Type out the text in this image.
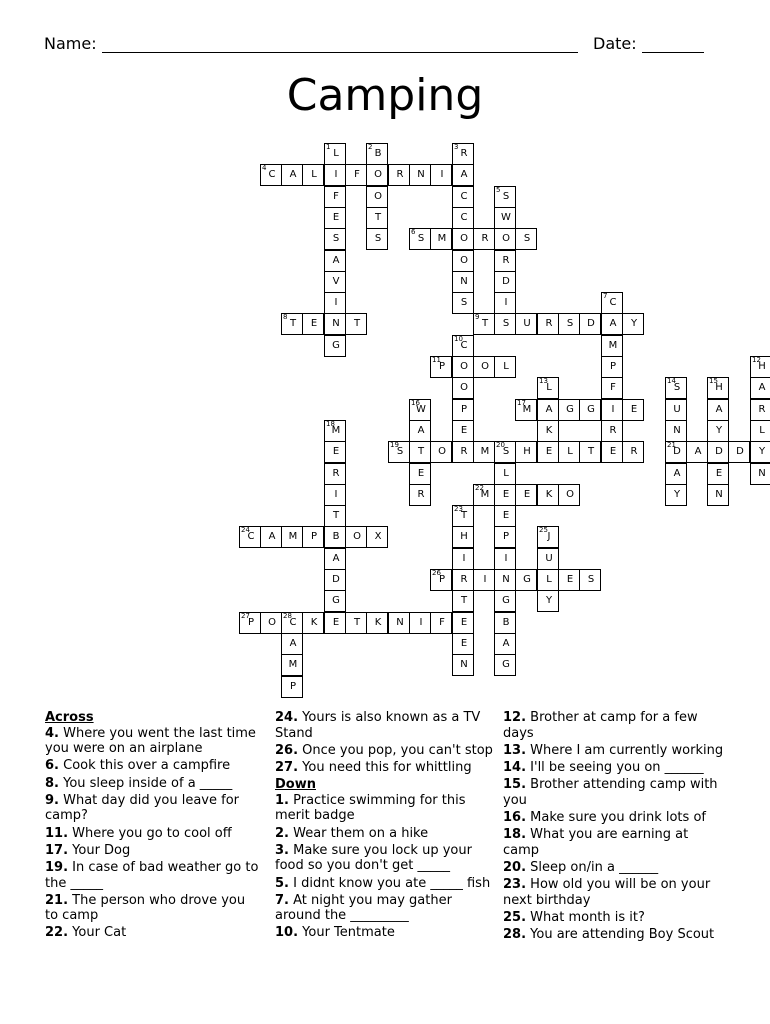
Name:	Date:
Camping
1
L
I
F
E
S
A
V
I
N
G
2
B
O
O
T
S
3
R
A
C
C
O
O
N
S
4
C	A	L	F	R	N	I
5
S
W
O
R
D
I
S
6
S	M	R	S
7
C
A
M
P
F
I
R
E
8
T	E	T
9
T	U	R	S	D	Y
10
C
O
O
P
E
R
11
P	O	L
12
H
A
R
L
Y
N
13
L
A
K
E
14
S
U
N
21
D
A
Y
15
H
A
Y
D
E
N
16
W
A
T
E
R
17
M	G	G	E
18
M
E
R
I
T
B
A
D
G
19
S	O	M
20
S	H	L	T	R
L
E
E
P
I
N
G
B
A
G
A	D
22
M	E	K	O
23
T
H
I
R
T
E
E
N
24
C	A	M	P	O	X
25
J
U
L
Y
26
P	I	G	E	S
27
P	O
28
C	K	E	T	K	N	I	F
A
M
P
Across
4. Where you went the last time you were on an airplane
6. Cook this over a campfire
8. You sleep inside of a _____
9. What day did you leave for camp?
11. Where you go to cool off
17. Your Dog
19. In case of bad weather go to the _____
21. The person who drove you to camp
22. Your Cat
24. Yours is also known as a TV Stand
26. Once you pop, you can't stop
27. You need this for whittling
Down
1. Practice swimming for this merit badge
2. Wear them on a hike
3. Make sure you lock up your food so you don't get _____
5. I didnt know you ate _____ fish
7. At night you may gather around the _________
10. Your Tentmate
12. Brother at camp for a few days
13. Where I am currently working
14. I'll be seeing you on ______
15. Brother attending camp with you
16. Make sure you drink lots of
18. What you are earning at camp
20. Sleep on/in a ______
23. How old you will be on your next birthday
25. What month is it?
28. You are attending Boy Scout
